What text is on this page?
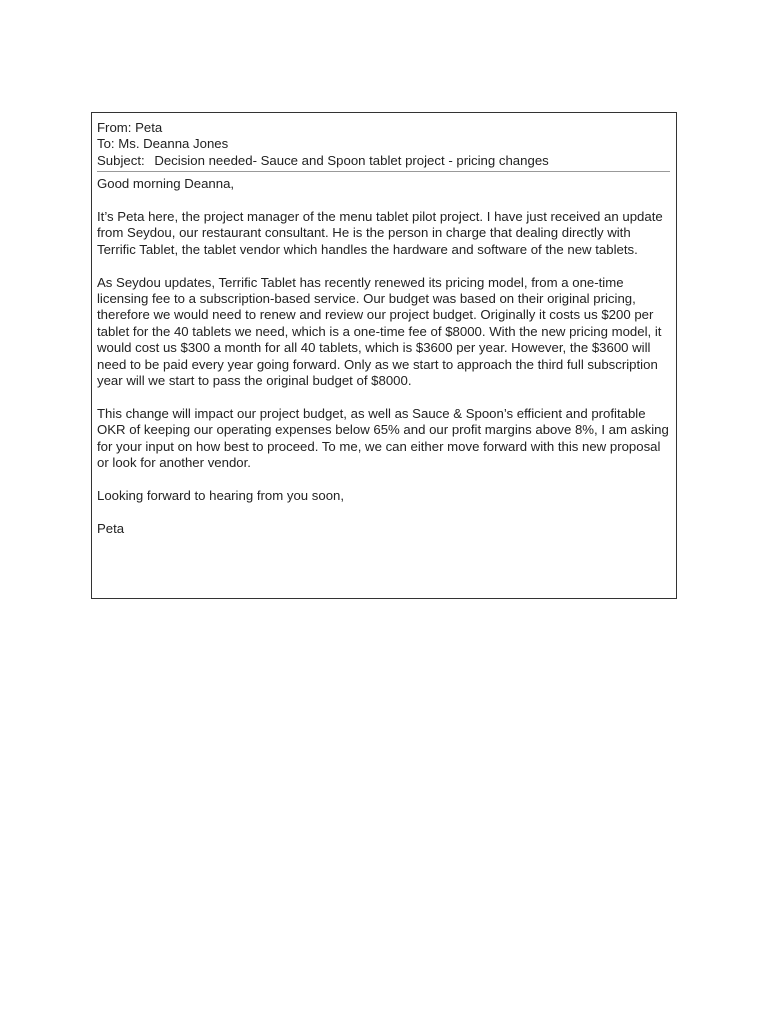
From: Peta
To: Ms. Deanna Jones
Subject: Decision needed- Sauce and Spoon tablet project - pricing changes
Good morning Deanna,

It’s Peta here, the project manager of the menu tablet pilot project. I have just received an update from Seydou, our restaurant consultant. He is the person in charge that dealing directly with Terrific Tablet, the tablet vendor which handles the hardware and software of the new tablets.

As Seydou updates, Terrific Tablet has recently renewed its pricing model, from a one-time licensing fee to a subscription-based service. Our budget was based on their original pricing, therefore we would need to renew and review our project budget. Originally it costs us $200 per tablet for the 40 tablets we need, which is a one-time fee of $8000. With the new pricing model, it would cost us $300 a month for all 40 tablets, which is $3600 per year. However, the $3600 will need to be paid every year going forward. Only as we start to approach the third full subscription year will we start to pass the original budget of $8000.

This change will impact our project budget, as well as Sauce & Spoon’s efficient and profitable OKR of keeping our operating expenses below 65% and our profit margins above 8%, I am asking for your input on how best to proceed. To me, we can either move forward with this new proposal or look for another vendor.

Looking forward to hearing from you soon,

Peta
